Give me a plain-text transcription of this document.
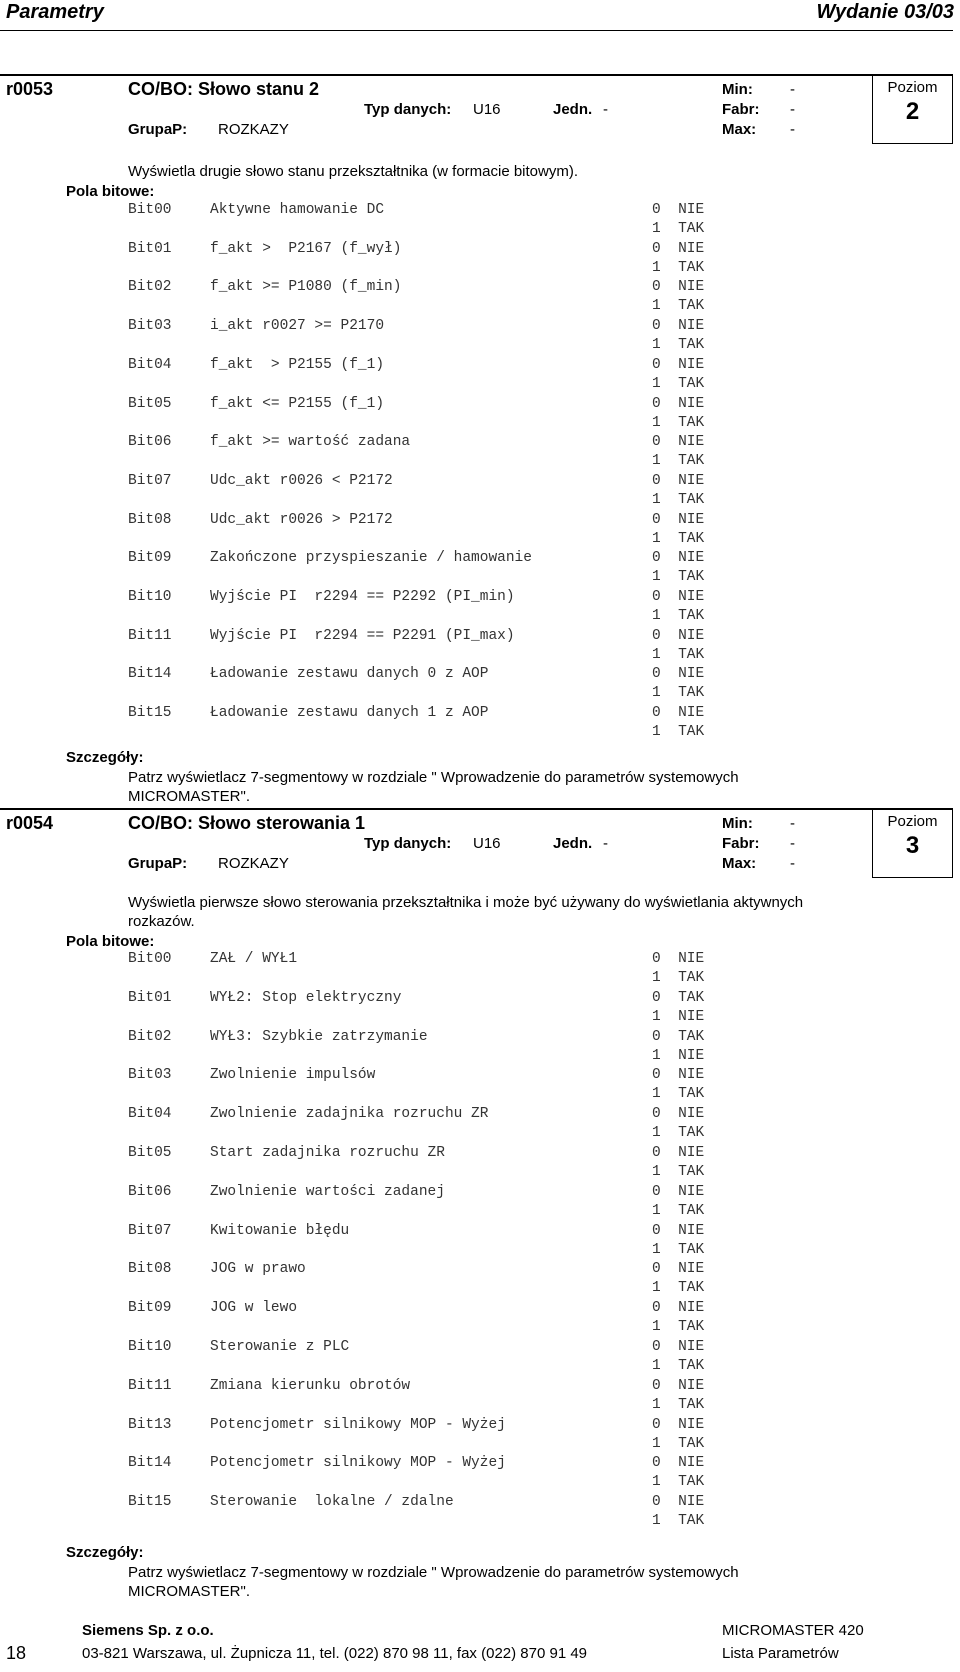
Parametry	Wydanie 03/03
Poziom
2
r0053	CO/BO: Słowo stanu 2	Min: -
Typ danych: U16	Jedn. -	Fabr: -
GrupaP: ROZKAZY	Max: -
Wyświetla drugie słowo stanu przekształtnika (w formacie bitowym).
Pola bitowe:
Bit00	Aktywne hamowanie DC	0  NIE
1  TAK
Bit01	f_akt >  P2167 (f_wył)	0  NIE
1  TAK
Bit02	f_akt >= P1080 (f_min)	0  NIE
1  TAK
Bit03	i_akt r0027 >= P2170	0  NIE
1  TAK
Bit04	f_akt  > P2155 (f_1)	0  NIE
1  TAK
Bit05	f_akt <= P2155 (f_1)	0  NIE
1  TAK
Bit06	f_akt >= wartość zadana	0  NIE
1  TAK
Bit07	Udc_akt r0026 < P2172	0  NIE
1  TAK
Bit08	Udc_akt r0026 > P2172	0  NIE
1  TAK
Bit09	Zakończone przyspieszanie / hamowanie	0  NIE
1  TAK
Bit10	Wyjście PI  r2294 == P2292 (PI_min)	0  NIE
1  TAK
Bit11	Wyjście PI  r2294 == P2291 (PI_max)	0  NIE
1  TAK
Bit14	Ładowanie zestawu danych 0 z AOP	0  NIE
1  TAK
Bit15	Ładowanie zestawu danych 1 z AOP	0  NIE
1  TAK
Szczegóły:
Patrz wyświetlacz 7-segmentowy w rozdziale " Wprowadzenie do parametrów systemowych
MICROMASTER".
Poziom
3
r0054	CO/BO: Słowo sterowania 1	Min: -
Typ danych: U16	Jedn. -	Fabr: -
GrupaP: ROZKAZY	Max: -
Wyświetla pierwsze słowo sterowania przekształtnika i może być używany do wyświetlania aktywnych
rozkazów.
Pola bitowe:
Bit00	ZAŁ / WYŁ1	0  NIE
1  TAK
Bit01	WYŁ2: Stop elektryczny	0  TAK
1  NIE
Bit02	WYŁ3: Szybkie zatrzymanie	0  TAK
1  NIE
Bit03	Zwolnienie impulsów	0  NIE
1  TAK
Bit04	Zwolnienie zadajnika rozruchu ZR	0  NIE
1  TAK
Bit05	Start zadajnika rozruchu ZR	0  NIE
1  TAK
Bit06	Zwolnienie wartości zadanej	0  NIE
1  TAK
Bit07	Kwitowanie błędu	0  NIE
1  TAK
Bit08	JOG w prawo	0  NIE
1  TAK
Bit09	JOG w lewo	0  NIE
1  TAK
Bit10	Sterowanie z PLC	0  NIE
1  TAK
Bit11	Zmiana kierunku obrotów	0  NIE
1  TAK
Bit13	Potencjometr silnikowy MOP - Wyżej	0  NIE
1  TAK
Bit14	Potencjometr silnikowy MOP - Wyżej	0  NIE
1  TAK
Bit15	Sterowanie  lokalne / zdalne	0  NIE
1  TAK
Szczegóły:
Patrz wyświetlacz 7-segmentowy w rozdziale " Wprowadzenie do parametrów systemowych
MICROMASTER".
18
Siemens Sp. z o.o.
03-821 Warszawa, ul. Żupnicza 11, tel. (022) 870 98 11, fax (022) 870 91 49
MICROMASTER 420
Lista Parametrów
